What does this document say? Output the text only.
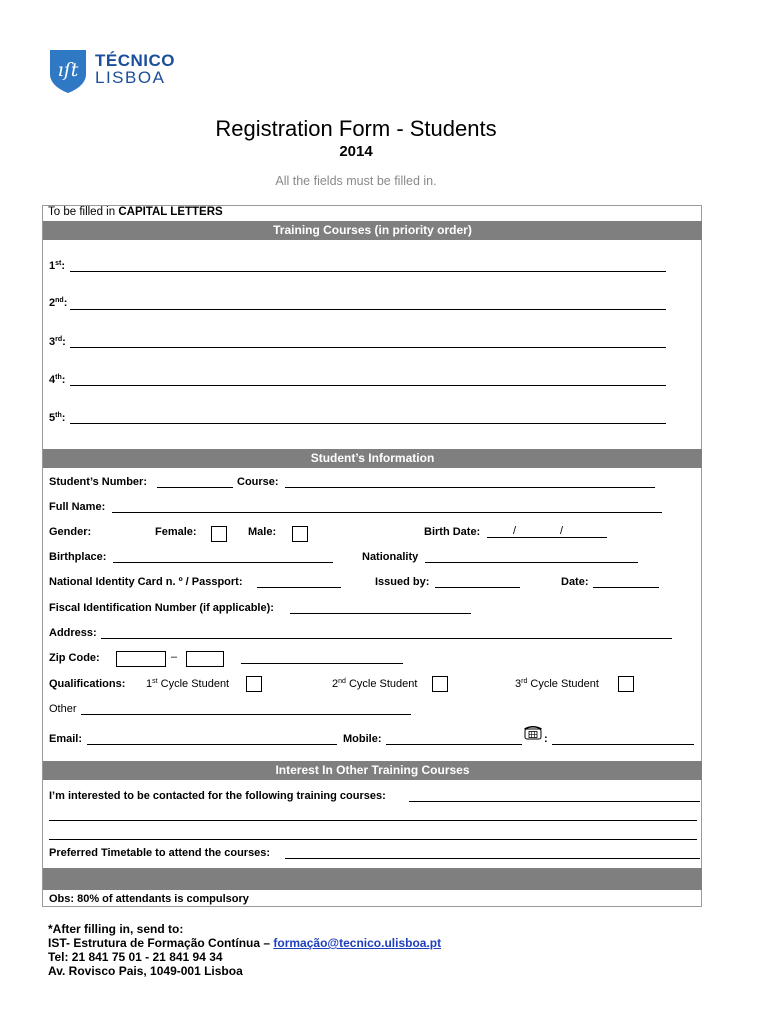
ıſt TÉCNICO
LISBOA
Registration Form - Students
2014
All the fields must be filled in.
To be filled in CAPITAL LETTERS
Training Courses (in priority order)
1st:
2nd:
3rd:
4th:
5th:
Student’s Information
Student’s Number:	Course:
Full Name:
Gender:	Female:	Male:	Birth Date:	/	/
Birthplace:	Nationality
National Identity Card n. º / Passport:	Issued by:	Date:
Fiscal Identification Number (if applicable):
Address:
Zip Code:	–
Qualifications: 1st Cycle Student	2nd Cycle Student	3rd Cycle Student
Other
Email:	Mobile:	:
Interest In Other Training Courses
I’m interested to be contacted for the following training courses:
Preferred Timetable to attend the courses:
Obs: 80% of attendants is compulsory
*After filling in, send to:
IST- Estrutura de Formação Contínua – formação@tecnico.ulisboa.pt
Tel: 21 841 75 01 - 21 841 94 34
Av. Rovisco Pais, 1049-001 Lisboa
